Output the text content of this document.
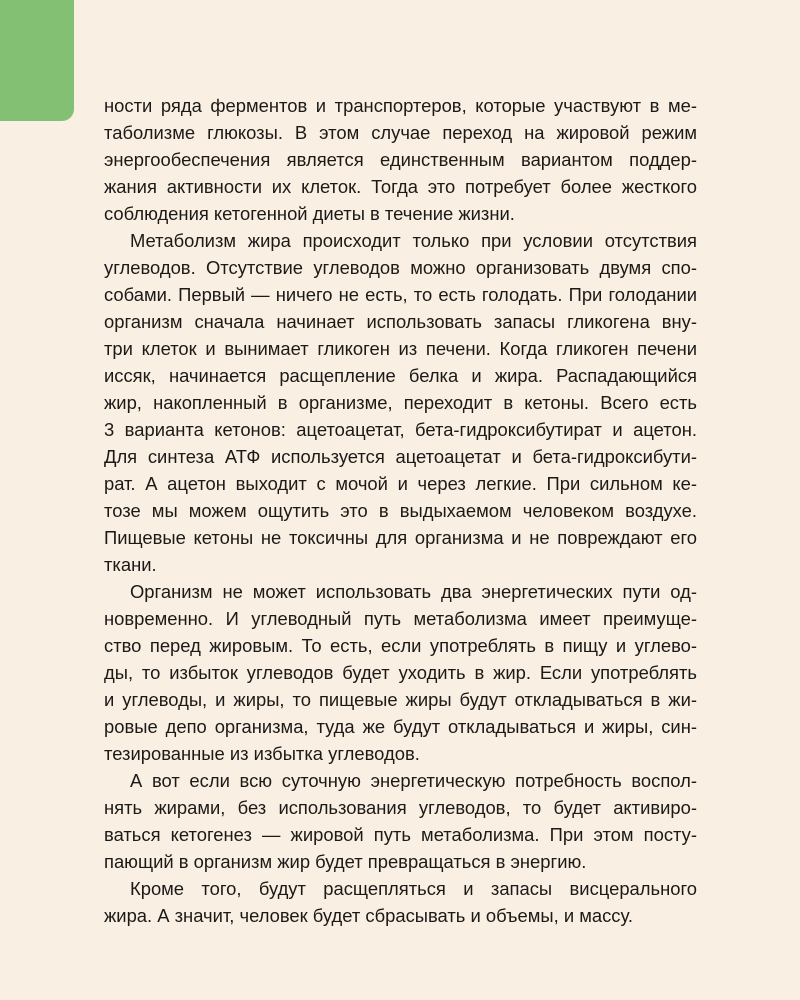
ности ряда ферментов и транспортеров, которые участвуют в ме-
таболизме глюкозы. В этом случае переход на жировой режим
энергообеспечения является единственным вариантом поддер-
жания активности их клеток. Тогда это потребует более жесткого
соблюдения кетогенной диеты в течение жизни.
Метаболизм жира происходит только при условии отсутствия
углеводов. Отсутствие углеводов можно организовать двумя спо-
собами. Первый — ничего не есть, то есть голодать. При голодании
организм сначала начинает использовать запасы гликогена вну-
три клеток и вынимает гликоген из печени. Когда гликоген печени
иссяк, начинается расщепление белка и жира. Распадающийся
жир, накопленный в организме, переходит в кетоны. Всего есть
3 варианта кетонов: ацетоацетат, бета-гидроксибутират и ацетон.
Для синтеза АТФ используется ацетоацетат и бета-гидроксибути-
рат. А ацетон выходит с мочой и через легкие. При сильном ке-
тозе мы можем ощутить это в выдыхаемом человеком воздухе.
Пищевые кетоны не токсичны для организма и не повреждают его
ткани.
Организм не может использовать два энергетических пути од-
новременно. И углеводный путь метаболизма имеет преимуще-
ство перед жировым. То есть, если употреблять в пищу и углево-
ды, то избыток углеводов будет уходить в жир. Если употреблять
и углеводы, и жиры, то пищевые жиры будут откладываться в жи-
ровые депо организма, туда же будут откладываться и жиры, син-
тезированные из избытка углеводов.
А вот если всю суточную энергетическую потребность воспол-
нять жирами, без использования углеводов, то будет активиро-
ваться кетогенез — жировой путь метаболизма. При этом посту-
пающий в организм жир будет превращаться в энергию.
Кроме того, будут расщепляться и запасы висцерального
жира. А значит, человек будет сбрасывать и объемы, и массу.
